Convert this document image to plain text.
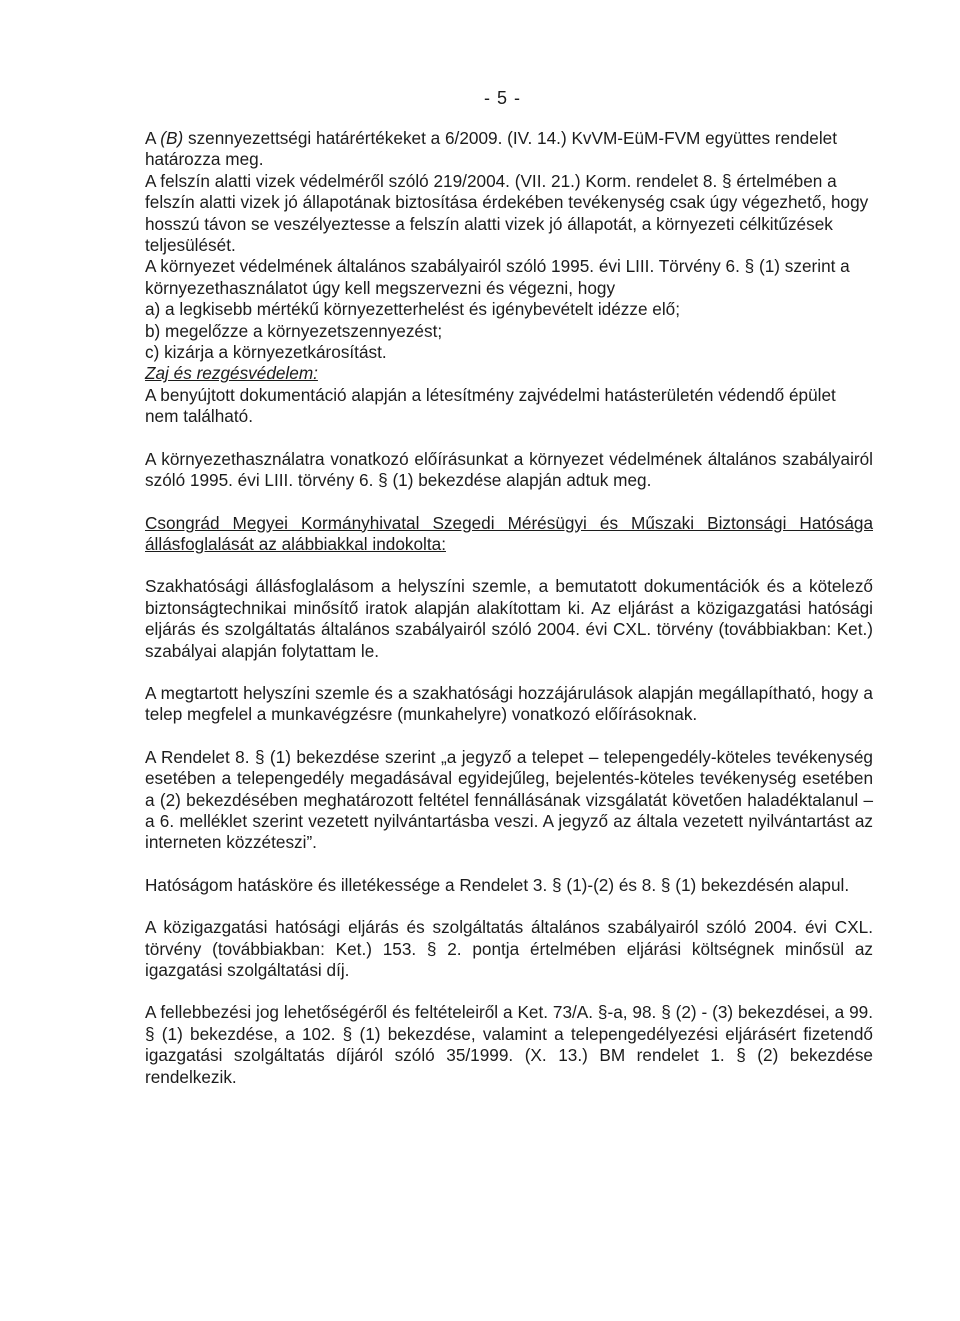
- 5 -

A (B) szennyezettségi határértékeket a 6/2009. (IV. 14.) KvVM-EüM-FVM együttes rendelet határozza meg.

A felszín alatti vizek védelméről szóló 219/2004. (VII. 21.) Korm. rendelet 8. § értelmében a felszín alatti vizek jó állapotának biztosítása érdekében tevékenység csak úgy végezhető, hogy hosszú távon se veszélyeztesse a felszín alatti vizek jó állapotát, a környezeti célkitűzések teljesülését.

A környezet védelmének általános szabályairól szóló 1995. évi LIII. Törvény 6. § (1) szerint a környezethasználatot úgy kell megszervezni és végezni, hogy

a) a legkisebb mértékű környezetterhelést és igénybevételt idézze elő;

b) megelőzze a környezetszennyezést;

c) kizárja a környezetkárosítást.

Zaj és rezgésvédelem:

A benyújtott dokumentáció alapján a létesítmény zajvédelmi hatásterületén védendő épület nem található.

A környezethasználatra vonatkozó előírásunkat a környezet védelmének általános szabályairól szóló 1995. évi LIII. törvény 6. § (1) bekezdése alapján adtuk meg.

Csongrád Megyei Kormányhivatal Szegedi Mérésügyi és Műszaki Biztonsági Hatósága állásfoglalását az alábbiakkal indokolta:

Szakhatósági állásfoglalásom a helyszíni szemle, a bemutatott dokumentációk és a kötelező biztonságtechnikai minősítő iratok alapján alakítottam ki. Az eljárást a közigazgatási hatósági eljárás és szolgáltatás általános szabályairól szóló 2004. évi CXL. törvény (továbbiakban: Ket.) szabályai alapján folytattam le.

A megtartott helyszíni szemle és a szakhatósági hozzájárulások alapján megállapítható, hogy a telep megfelel a munkavégzésre (munkahelyre) vonatkozó előírásoknak.

A Rendelet 8. § (1) bekezdése szerint „a jegyző a telepet – telepengedély-köteles tevékenység esetében a telepengedély megadásával egyidejűleg, bejelentés-köteles tevékenység esetében a (2) bekezdésében meghatározott feltétel fennállásának vizsgálatát követően haladéktalanul – a 6. melléklet szerint vezetett nyilvántartásba veszi. A jegyző az általa vezetett nyilvántartást az interneten közzéteszi”.

Hatóságom hatásköre és illetékessége a Rendelet 3. § (1)-(2) és 8. § (1) bekezdésén alapul.

A közigazgatási hatósági eljárás és szolgáltatás általános szabályairól szóló 2004. évi CXL. törvény (továbbiakban: Ket.) 153. § 2. pontja értelmében eljárási költségnek minősül az igazgatási szolgáltatási díj.

A fellebbezési jog lehetőségéről és feltételeiről a Ket. 73/A. §-a, 98. § (2) - (3) bekezdései, a 99. § (1) bekezdése, a 102. § (1) bekezdése, valamint a telepengedélyezési eljárásért fizetendő igazgatási szolgáltatás díjáról szóló 35/1999. (X. 13.) BM rendelet 1. § (2) bekezdése rendelkezik.
